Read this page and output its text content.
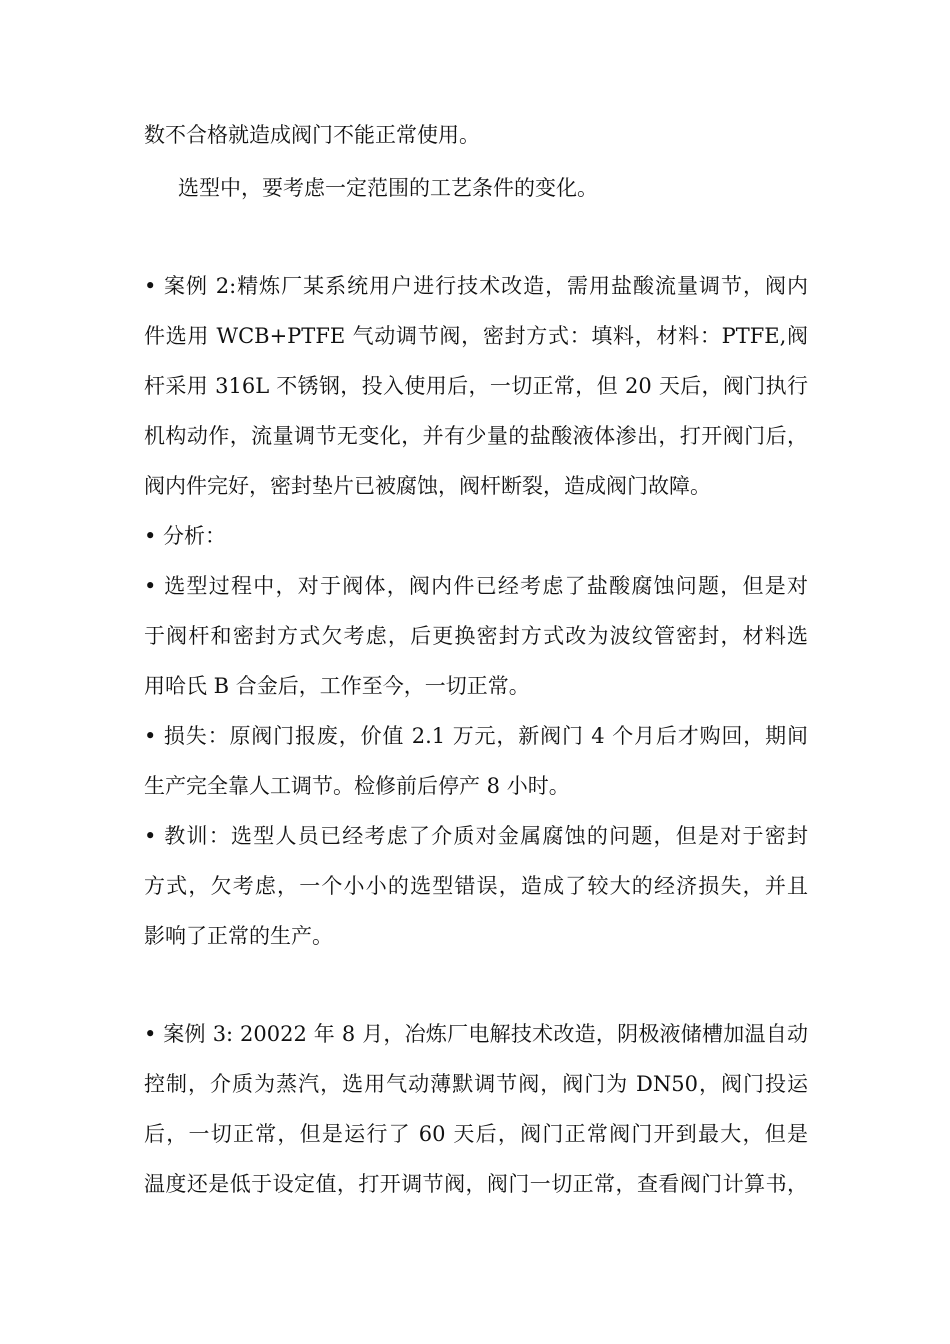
数不合格就造成阀门不能正常使用。
选型中，要考虑一定范围的工艺条件的变化。
• 案例 2:精炼厂某系统用户进行技术改造，需用盐酸流量调节，阀内
件选用 WCB+PTFE 气动调节阀，密封方式：填料，材料：PTFE,阀
杆采用 316L 不锈钢，投入使用后，一切正常，但 20 天后，阀门执行
机构动作，流量调节无变化，并有少量的盐酸液体渗出，打开阀门后，
阀内件完好，密封垫片已被腐蚀，阀杆断裂，造成阀门故障。
• 分析：
• 选型过程中，对于阀体，阀内件已经考虑了盐酸腐蚀问题，但是对
于阀杆和密封方式欠考虑，后更换密封方式改为波纹管密封，材料选
用哈氏 B 合金后，工作至今，一切正常。
• 损失：原阀门报废，价值 2.1 万元，新阀门 4 个月后才购回，期间
生产完全靠人工调节。检修前后停产 8 小时。
• 教训：选型人员已经考虑了介质对金属腐蚀的问题，但是对于密封
方式，欠考虑，一个小小的选型错误，造成了较大的经济损失，并且
影响了正常的生产。
• 案例 3: 20022 年 8 月，冶炼厂电解技术改造，阴极液储槽加温自动
控制，介质为蒸汽，选用气动薄默调节阀，阀门为 DN50，阀门投运
后，一切正常，但是运行了 60 天后，阀门正常阀门开到最大，但是
温度还是低于设定值，打开调节阀，阀门一切正常，查看阀门计算书，
